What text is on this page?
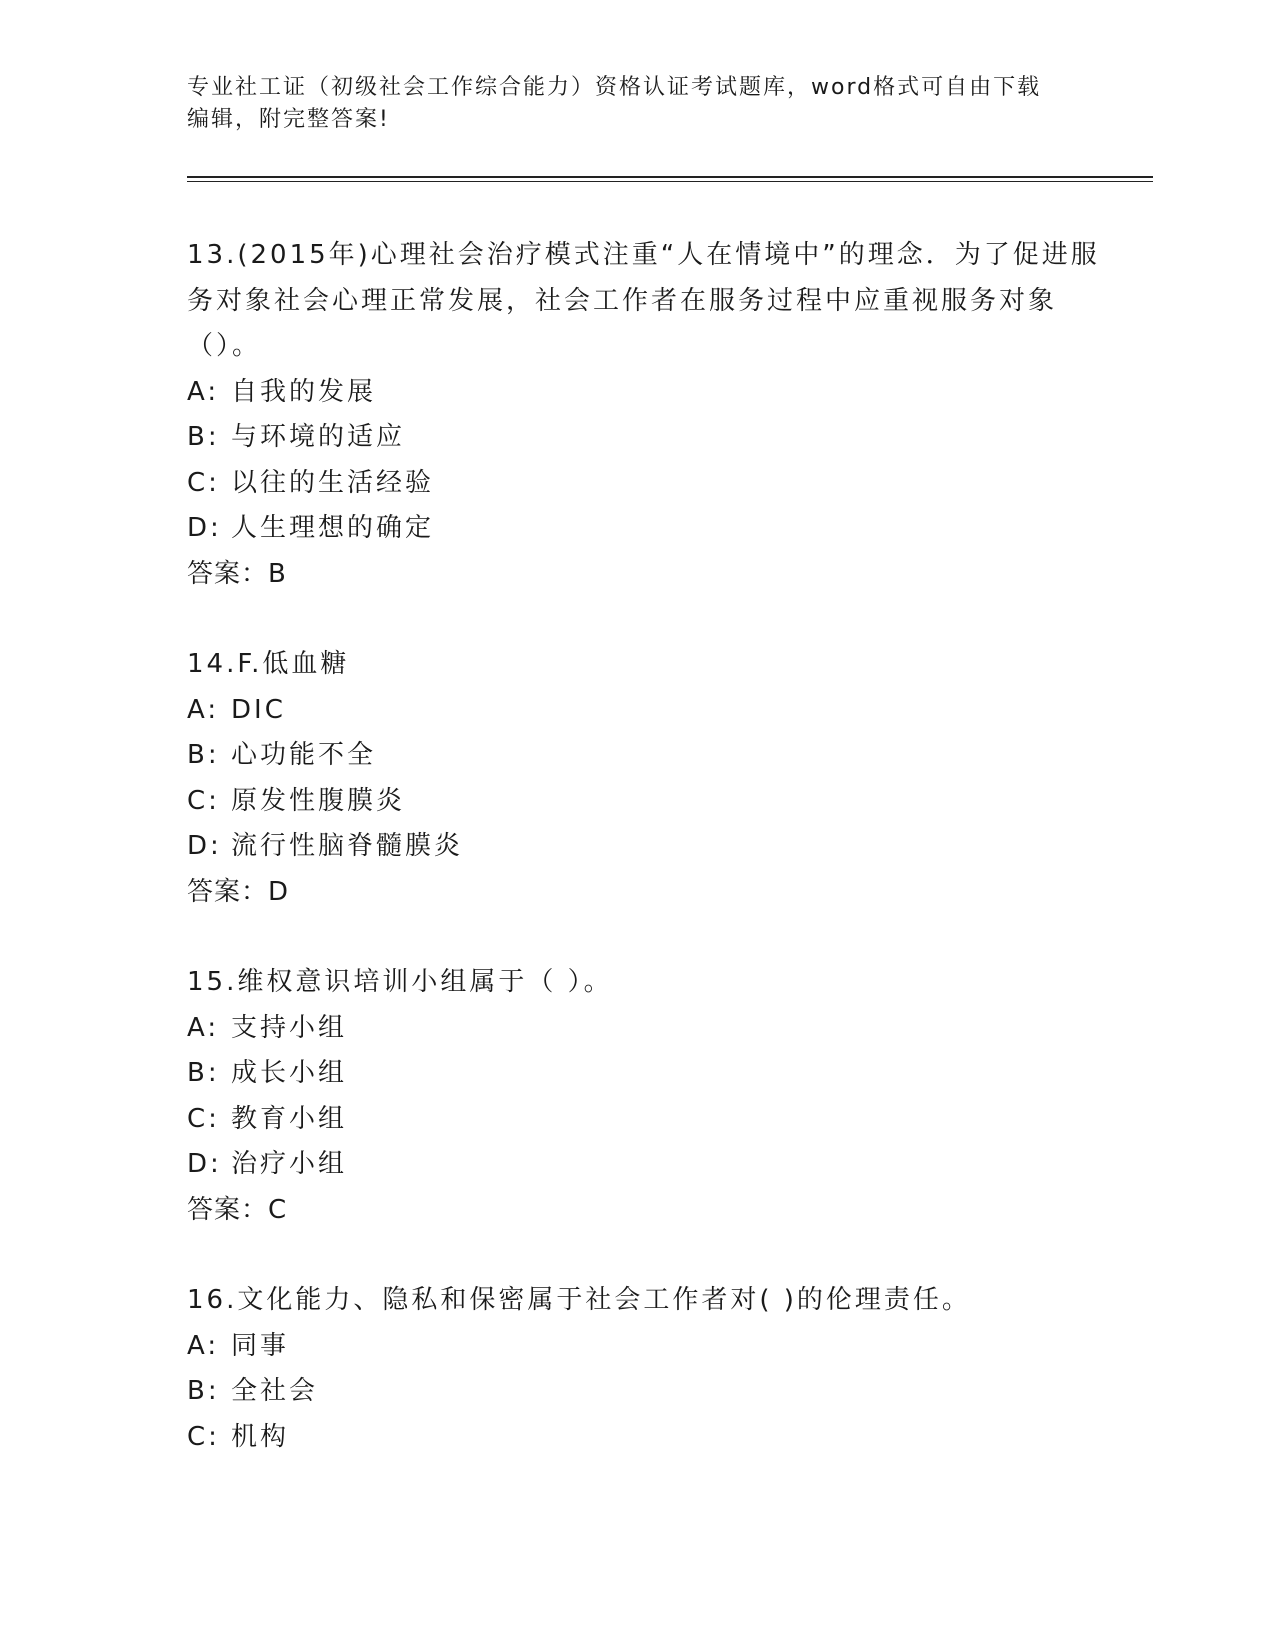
专业社工证（初级社会工作综合能力）资格认证考试题库，word格式可自由下载
编辑，附完整答案!

13.(2015年)心理社会治疗模式注重“人在情境中”的理念．为了促进服务对象社会心理正常发展，社会工作者在服务过程中应重视服务对象（）。

A: 自我的发展
B: 与环境的适应
C: 以往的生活经验
D: 人生理想的确定
答案：B

14.F.低血糖

A: DIC
B: 心功能不全
C: 原发性腹膜炎
D: 流行性脑脊髓膜炎
答案：D

15.维权意识培训小组属于（ ）。

A: 支持小组
B: 成长小组
C: 教育小组
D: 治疗小组
答案：C

16.文化能力、隐私和保密属于社会工作者对( )的伦理责任。

A: 同事
B: 全社会
C: 机构
